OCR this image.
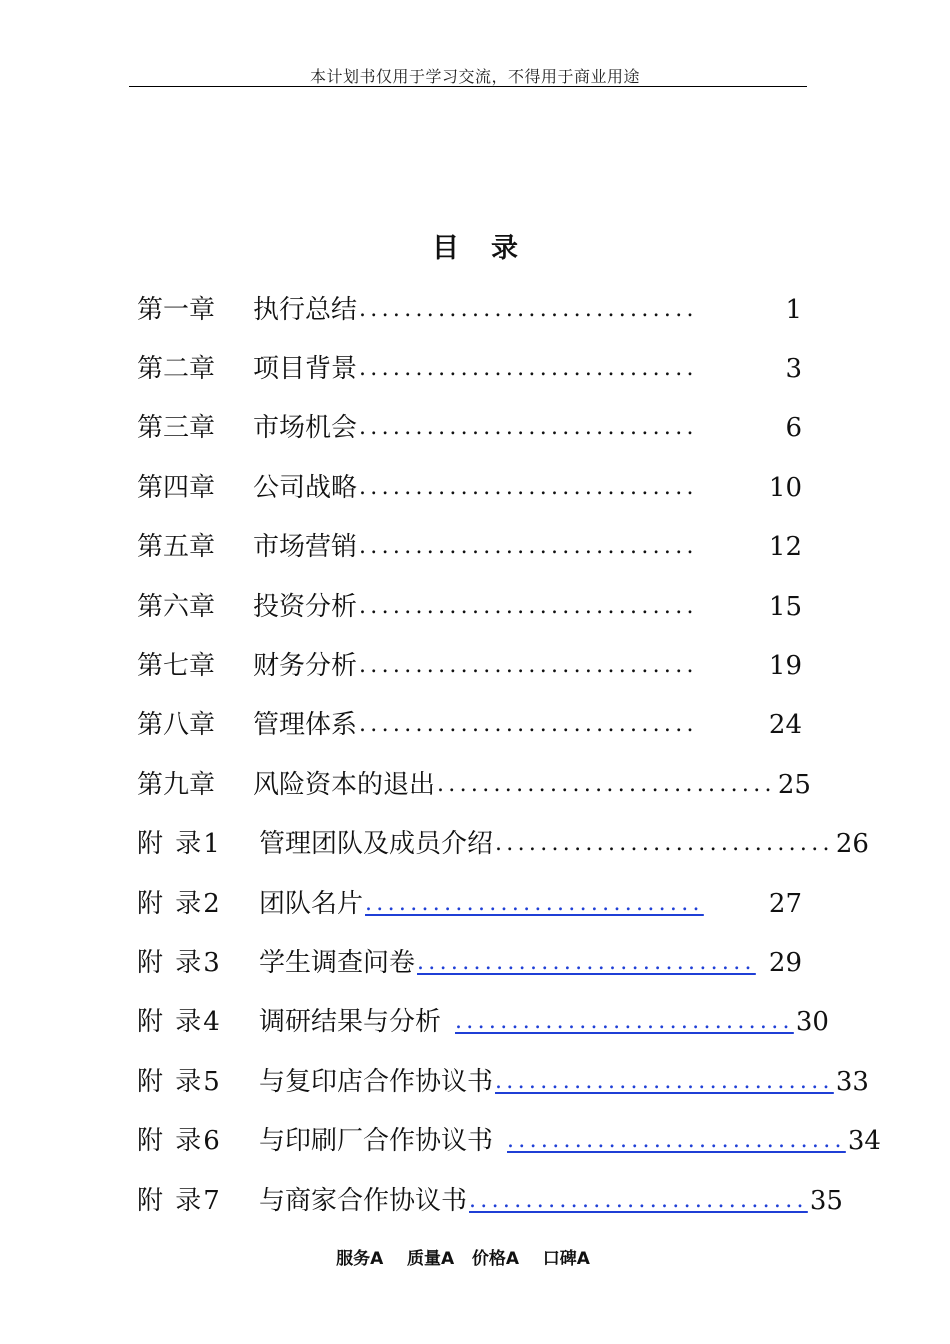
本计划书仅用于学习交流，不得用于商业用途
目录
第一章	执行总结 ..............................	1
第二章	项目背景 ..............................	3
第三章	市场机会 ..............................	6
第四章	公司战略 ..............................	10
第五章	市场营销 ..............................	12
第六章	投资分析 ..............................	15
第七章	财务分析 ..............................	19
第八章	管理体系 ..............................	24
第九章	风险资本的退出 .............................. 25
附 录1	管理团队及成员介绍 .............................. 26
附 录2	团队名片 ..............................	27
附 录3	学生调查问卷 .............................. 29
附 录4	调研结果与分析 .............................. 30
附 录5	与复印店合作协议书 .............................. 33
附 录6	与印刷厂合作协议书 .............................. 34
附 录7	与商家合作协议书 .............................. 35
服务A    质量A   价格A    口碑A
